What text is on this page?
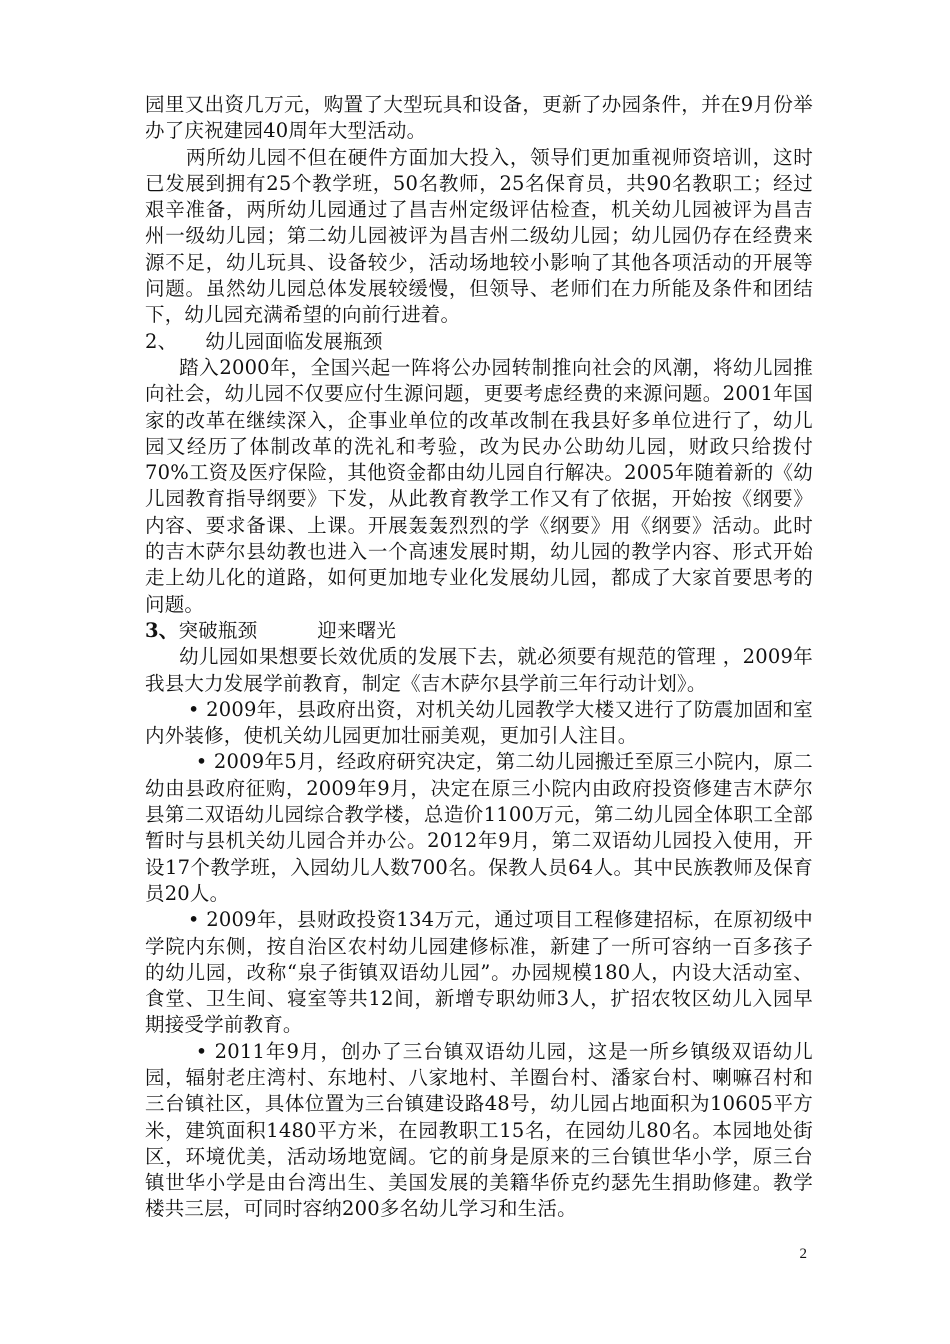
园里又出资几万元，购置了大型玩具和设备，更新了办园条件，并在9月份举办了庆祝建园40周年大型活动。

两所幼儿园不但在硬件方面加大投入，领导们更加重视师资培训，这时已发展到拥有25个教学班，50名教师，25名保育员，共90名教职工；经过艰辛准备，两所幼儿园通过了昌吉州定级评估检查，机关幼儿园被评为昌吉州一级幼儿园；第二幼儿园被评为昌吉州二级幼儿园；幼儿园仍存在经费来源不足，幼儿玩具、设备较少，活动场地较小影响了其他各项活动的开展等问题。虽然幼儿园总体发展较缓慢，但领导、老师们在力所能及条件和团结下，幼儿园充满希望的向前行进着。

2、 幼儿园面临发展瓶颈

踏入2000年，全国兴起一阵将公办园转制推向社会的风潮，将幼儿园推向社会，幼儿园不仅要应付生源问题，更要考虑经费的来源问题。2001年国家的改革在继续深入，企事业单位的改革改制在我县好多单位进行了，幼儿园又经历了体制改革的洗礼和考验，改为民办公助幼儿园，财政只给拨付70%工资及医疗保险，其他资金都由幼儿园自行解决。2005年随着新的《幼儿园教育指导纲要》下发，从此教育教学工作又有了依据，开始按《纲要》内容、要求备课、上课。开展轰轰烈烈的学《纲要》用《纲要》活动。此时的吉木萨尔县幼教也进入一个高速发展时期，幼儿园的教学内容、形式开始走上幼儿化的道路，如何更加地专业化发展幼儿园，都成了大家首要思考的问题。

3、突破瓶颈	迎来曙光

幼儿园如果想要长效优质的发展下去，就必须要有规范的管理 ，2009年我县大力发展学前教育，制定《吉木萨尔县学前三年行动计划》。

• 2009年，县政府出资，对机关幼儿园教学大楼又进行了防震加固和室内外装修，使机关幼儿园更加壮丽美观，更加引人注目。

• 2009年5月，经政府研究决定，第二幼儿园搬迁至原三小院内，原二幼由县政府征购，2009年9月，决定在原三小院内由政府投资修建吉木萨尔县第二双语幼儿园综合教学楼，总造价1100万元，第二幼儿园全体职工全部暂时与县机关幼儿园合并办公。2012年9月，第二双语幼儿园投入使用，开设17个教学班，入园幼儿人数700名。保教人员64人。其中民族教师及保育员20人。

• 2009年，县财政投资134万元，通过项目工程修建招标，在原初级中学院内东侧，按自治区农村幼儿园建修标准，新建了一所可容纳一百多孩子的幼儿园，改称“泉子街镇双语幼儿园”。办园规模180人，内设大活动室、食堂、卫生间、寝室等共12间，新增专职幼师3人，扩招农牧区幼儿入园早期接受学前教育。

• 2011年9月，创办了三台镇双语幼儿园，这是一所乡镇级双语幼儿园，辐射老庄湾村、东地村、八家地村、羊圈台村、潘家台村、喇嘛召村和三台镇社区，具体位置为三台镇建设路48号，幼儿园占地面积为10605平方米，建筑面积1480平方米，在园教职工15名，在园幼儿80名。本园地处街区，环境优美，活动场地宽阔。它的前身是原来的三台镇世华小学，原三台镇世华小学是由台湾出生、美国发展的美籍华侨克约瑟先生捐助修建。教学楼共三层，可同时容纳200多名幼儿学习和生活。

2
